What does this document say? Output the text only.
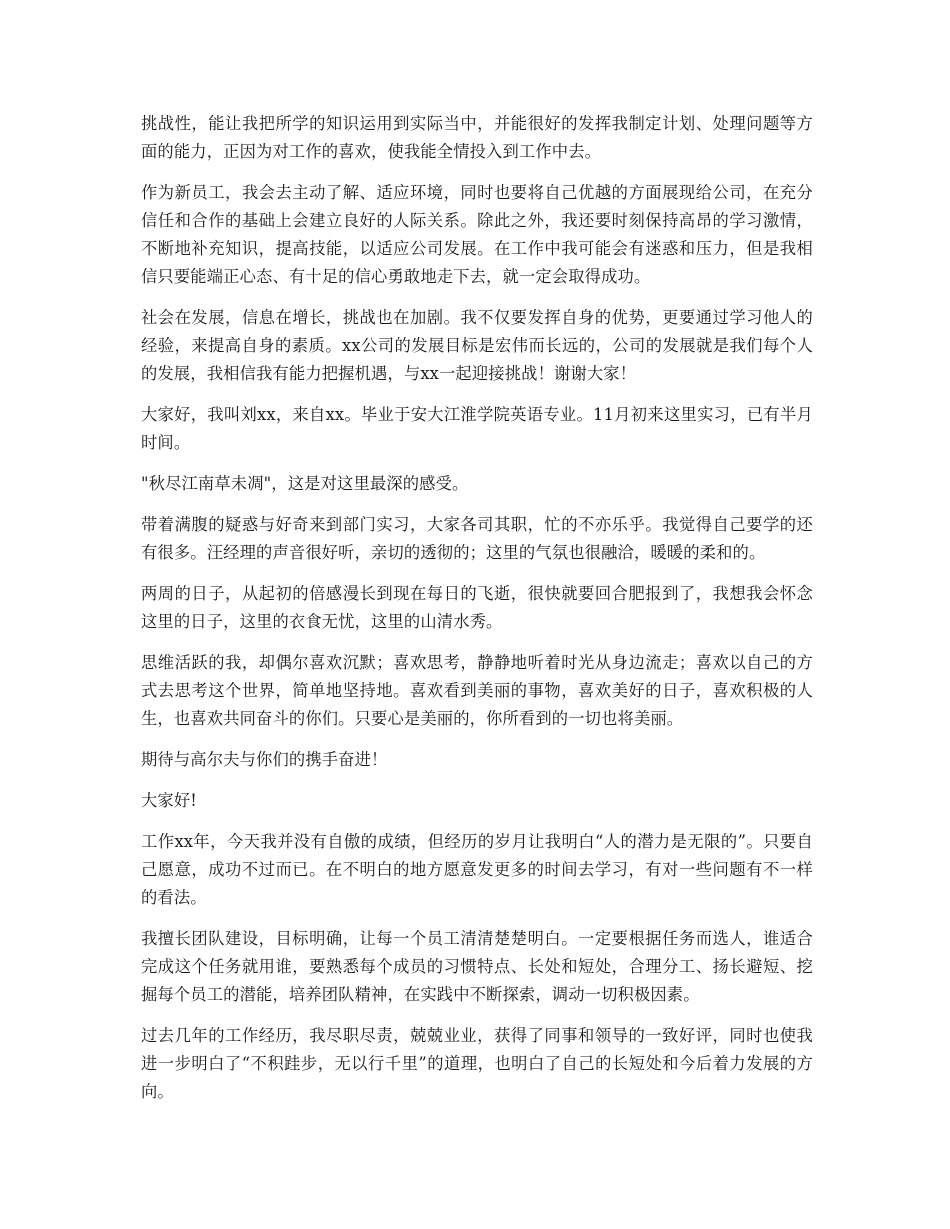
挑战性，能让我把所学的知识运用到实际当中，并能很好的发挥我制定计划、处理问题等方面的能力，正因为对工作的喜欢，使我能全情投入到工作中去。

作为新员工，我会去主动了解、适应环境，同时也要将自己优越的方面展现给公司，在充分信任和合作的基础上会建立良好的人际关系。除此之外，我还要时刻保持高昂的学习激情，不断地补充知识，提高技能，以适应公司发展。在工作中我可能会有迷惑和压力，但是我相信只要能端正心态、有十足的信心勇敢地走下去，就一定会取得成功。

社会在发展，信息在增长，挑战也在加剧。我不仅要发挥自身的优势，更要通过学习他人的经验，来提高自身的素质。xx公司的发展目标是宏伟而长远的，公司的发展就是我们每个人的发展，我相信我有能力把握机遇，与xx一起迎接挑战！谢谢大家！

大家好，我叫刘xx，来自xx。毕业于安大江淮学院英语专业。11月初来这里实习，已有半月时间。

"秋尽江南草未凋"，这是对这里最深的感受。

带着满腹的疑惑与好奇来到部门实习，大家各司其职，忙的不亦乐乎。我觉得自己要学的还有很多。汪经理的声音很好听，亲切的透彻的；这里的气氛也很融洽，暖暖的柔和的。

两周的日子，从起初的倍感漫长到现在每日的飞逝，很快就要回合肥报到了，我想我会怀念这里的日子，这里的衣食无忧，这里的山清水秀。

思维活跃的我，却偶尔喜欢沉默；喜欢思考，静静地听着时光从身边流走；喜欢以自己的方式去思考这个世界，简单地坚持地。喜欢看到美丽的事物，喜欢美好的日子，喜欢积极的人生，也喜欢共同奋斗的你们。只要心是美丽的，你所看到的一切也将美丽。

期待与高尔夫与你们的携手奋进！

大家好!

工作xx年，今天我并没有自傲的成绩，但经历的岁月让我明白“人的潜力是无限的”。只要自己愿意，成功不过而已。在不明白的地方愿意发更多的时间去学习，有对一些问题有不一样的看法。

我擅长团队建设，目标明确，让每一个员工清清楚楚明白。一定要根据任务而选人，谁适合完成这个任务就用谁，要熟悉每个成员的习惯特点、长处和短处，合理分工、扬长避短、挖掘每个员工的潜能，培养团队精神，在实践中不断探索，调动一切积极因素。

过去几年的工作经历，我尽职尽责，兢兢业业，获得了同事和领导的一致好评，同时也使我进一步明白了“不积跬步，无以行千里”的道理，也明白了自己的长短处和今后着力发展的方向。
